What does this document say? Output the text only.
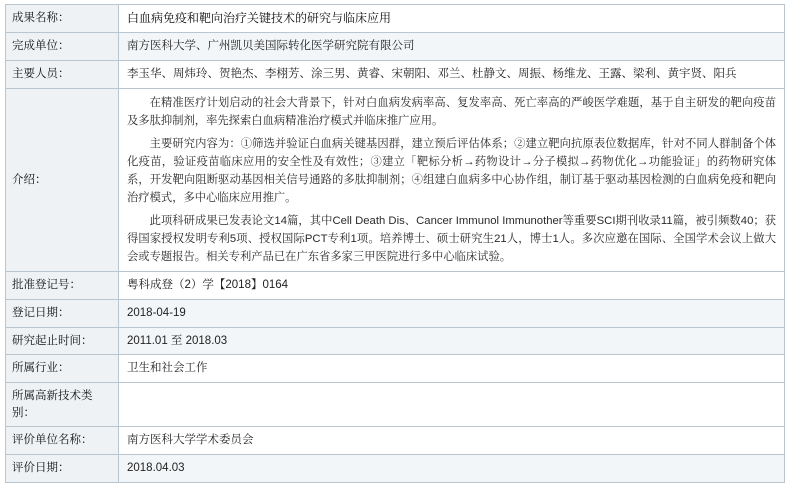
成果名称：	白血病免疫和靶向治疗关键技术的研究与临床应用
完成单位：	南方医科大学、广州凯贝美国际转化医学研究院有限公司
主要人员：	李玉华、周炜玲、贺艳杰、李栩芳、涂三男、黄睿、宋朝阳、邓兰、杜静文、周振、杨维龙、王露、梁利、黄宇贤、阳兵
介绍：	在精准医疗计划启动的社会大背景下，针对白血病发病率高、复发率高、死亡率高的严峻医学难题，基于自主研发的靶向疫苗及多肽抑制剂，率先探索白血病精准治疗模式并临床推广应用。

主要研究内容为：①筛选并验证白血病关键基因群，建立预后评估体系；②建立靶向抗原表位数据库，针对不同人群制备个体化疫苗，验证疫苗临床应用的安全性及有效性；③建立「靶标分析→药物设计→分子模拟→药物优化→功能验证」的药物研究体系，开发靶向阻断驱动基因相关信号通路的多肽抑制剂；④组建白血病多中心协作组，制订基于驱动基因检测的白血病免疫和靶向治疗模式，多中心临床应用推广。

此项科研成果已发表论文14篇，其中Cell Death Dis、Cancer Immunol Immunother等重要SCI期刊收录11篇，被引频数40；获得国家授权发明专利5项、授权国际PCT专利1项。培养博士、硕士研究生21人，博士1人。多次应邀在国际、全国学术会议上做大会或专题报告。相关专利产品已在广东省多家三甲医院进行多中心临床试验。

批准登记号：	粤科成登（2）学【2018】0164
登记日期：	2018-04-19
研究起止时间：	2011.01 至 2018.03
所属行业：	卫生和社会工作
所属高新技术类别：	
评价单位名称：	南方医科大学学术委员会
评价日期：	2018.04.03
